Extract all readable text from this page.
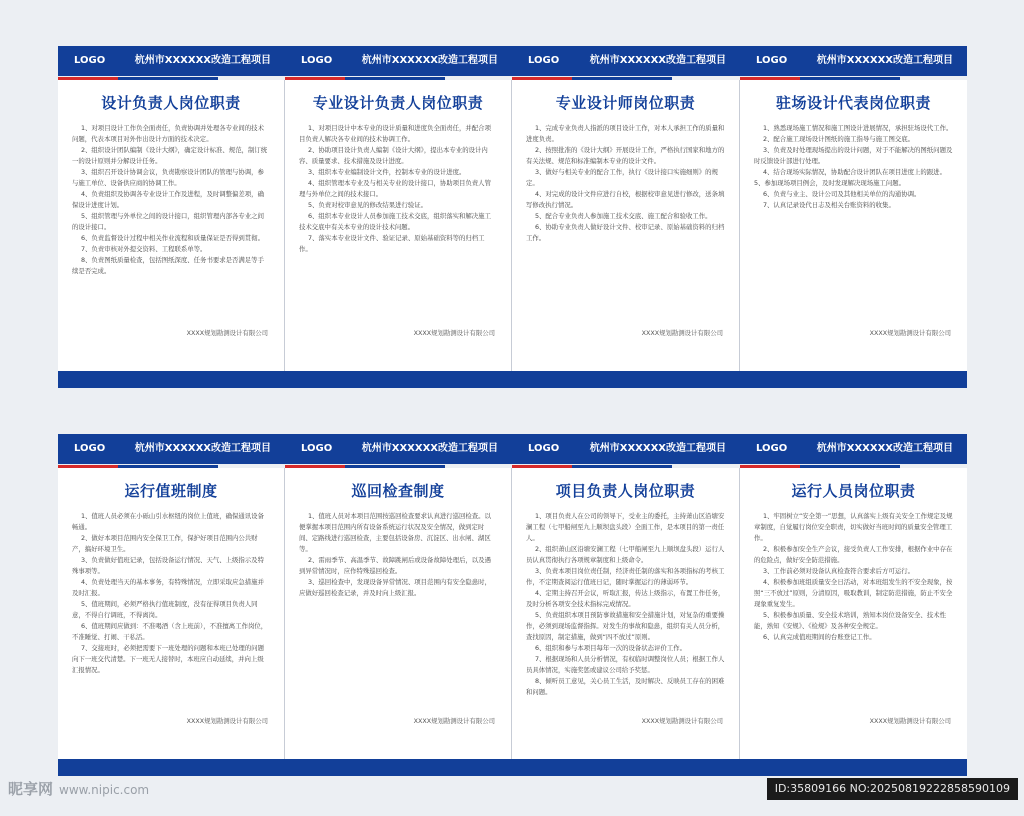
LOGO	杭州市XXXXXX改造工程项目	LOGO	杭州市XXXXXX改造工程项目	LOGO	杭州市XXXXXX改造工程项目	LOGO	杭州市XXXXXX改造工程项目
设计负责人岗位职责

1、对项目设计工作负全面责任，负责协调并处理各专业间的技术问题，代表本项目对外作出设计方面的技术决定。

2、组织设计团队编制《设计大纲》，确定设计标准、规范，制订统一的设计原则并分解设计任务。

3、组织召开设计协调会议，负责勘察设计团队的管理与协调，参与施工单位、设备供应商的协调工作。

4、负责组织及协调各专业设计工作及进程，及时调整偏差项，确保设计进度计划。

5、组织管理与外单位之间的设计接口，组织管理内部各专业之间的设计接口。

6、负责监督设计过程中相关作业流程和质量保证是否得到贯彻。

7、负责审核对外提交资料、工程联系单等。

8、负责图纸质量检查，包括图纸深度、任务书要求是否满足等手续是否完成。

XXXX规划勘测设计有限公司
专业设计负责人岗位职责

1、对项目设计中本专业的设计质量和进度负全面责任，并配合项目负责人解决各专业间的技术协调工作。

2、协助项目设计负责人编制《设计大纲》，提出本专业的设计内容、质量要求、技术措施及设计进度。

3、组织本专业编制设计文件，控制本专业的设计进度。

4、组织管理本专业及与相关专业的设计接口，协助项目负责人管理与外单位之间的技术接口。

5、负责对校审意见的修改结果进行验证。

6、组织本专业设计人员参加施工技术交底，组织落实和解决施工技术交底中有关本专业的设计技术问题。

7、落实本专业设计文件、验证记录、原始基础资料等的归档工作。

XXXX规划勘测设计有限公司
专业设计师岗位职责

1、完成专业负责人指派的项目设计工作，对本人承担工作的质量和进度负责。

2、按照批准的《设计大纲》开展设计工作，严格执行国家和地方的有关法规、规范和标准编制本专业的设计文件。

3、做好与相关专业的配合工作，执行《设计接口实施细则》的规定。

4、对完成的设计文件应进行自校，根据校审意见进行修改，送条填写修改执行情况。

5、配合专业负责人参加施工技术交底、施工配合和验收工作。

6、协助专业负责人做好设计文件、校审记录、原始基础资料的归档工作。

XXXX规划勘测设计有限公司
驻场设计代表岗位职责

1、熟悉现场施工情况和施工图设计进展情况，承担驻场设代工作。

2、配合施工现场设计图纸的施工指导与施工图交底。

3、负责及时处理现场提出的设计问题，对于不能解决的图纸问题及时反馈设计部进行处理。

4、结合现场实际情况，协助配合设计团队在项目进度上的跟进。5、参加现场项目例会，及时发现解决现场施工问题。

6、负责与业主、设计公司及其他相关单位的沟通协调。

7、认真记录设代日志及相关台账资料的收集。

XXXX规划勘测设计有限公司
LOGO	杭州市XXXXXX改造工程项目	LOGO	杭州市XXXXXX改造工程项目	LOGO	杭州市XXXXXX改造工程项目	LOGO	杭州市XXXXXX改造工程项目
运行值班制度

1、值班人员必须在小砾山引水枢纽的岗位上值班，确保通讯设备畅通。

2、做好本项目范围内安全保卫工作，保护好项目范围内公共财产，搞好环境卫生。

3、负责做好值班记录，包括设备运行情况、天气、上级指示及特殊事项等。

4、负责处理当天的基本事务，有特殊情况，立即采取应急措施并及时汇报。

5、值班期间，必须严格执行值班制度，没有征得项目负责人同意，不得自行调班，不得离岗。

6、值班期间应做到：不准喝酒（含上班前），不准擅离工作岗位，不准睡觉、打闹、干私活。

7、交接班时，必须把需要下一班处理的问题和本班已处理的问题向下一班交代清楚。下一班无人接替时，本班应自动延续，并向上级汇报情况。

XXXX规划勘测设计有限公司
巡回检查制度

1、值班人员对本项目范围按巡回检查要求认真进行巡回检查。以便掌握本项目范围内所有设备系统运行状况及安全情况，做到定时间、定路线进行巡回检查，主要包括设备房、沉淀区、出水闸、湖区等。

2、雷雨季节、高温季节、故障跳闸后或设备故障处理后，以及遇到异常情况时，应作特殊巡回检查。

3、巡回检查中，发现设备异常情况、项目范围内有安全隐患时，应做好巡回检查记录，并及时向上级汇报。

XXXX规划勘测设计有限公司
项目负责人岗位职责

1、项目负责人在公司的领导下，受业主的委托，主持萧山区沿塘安澜工程（七甲船闸至九上顺坝盘头段）全面工作，是本项目的第一责任人。

2、组织萧山区沿塘安澜工程（七甲船闸至九上顺坝盘头段）运行人员认真贯彻执行各项规章制度和上级命令。

3、负责本项目岗位责任制，经济责任制的落实和各项指标的考核工作，不定期查阅运行值班日记，随时掌握运行的薄弱环节。

4、定期主持召开会议，听取汇报，传达上级指示，布置工作任务，及时分析各项安全技术指标完成情况。

5、负责组织本项目预防事故措施和安全措施计划，对复杂的重要操作，必须到现场监督指挥。对发生的事故和隐患，组织有关人员分析，查找原因，制定措施，做到“四不放过”原则。

6、组织和参与本项目每年一次的设备状态评价工作。

7、根据现场和人员分析情况，有权临时调整岗位人员；根据工作人员具体情况，实施奖惩或建议公司给予奖惩。

8、倾听员工意见，关心员工生活，及时解决、反映员工存在的困难和问题。

XXXX规划勘测设计有限公司
运行人员岗位职责

1、牢固树立“安全第一”思想，认真落实上级有关安全工作规定及规章制度，自觉履行岗位安全职责，切实做好当班时间的质量安全管理工作。

2、积极参加安全生产会议，接受负责人工作安排，根据作业中存在的危险点，做好安全防范措施。

3、工作前必须对设备认真检查符合要求后方可运行。

4、积极参加班组质量安全日活动，对本班组发生的不安全现象，按照“三不放过”原则，分清原因，吸取教训，制定防范措施，防止不安全现象重复发生。

5、积极参加质量、安全技术培训，熟知本岗位设备安全、技术性能，熟知《安规》、《检规》及各种安全规定。

6、认真完成值班期间的台账登记工作。

XXXX规划勘测设计有限公司
昵享网 www.nipic.com	ID:35809166 NO:20250819222858590109
